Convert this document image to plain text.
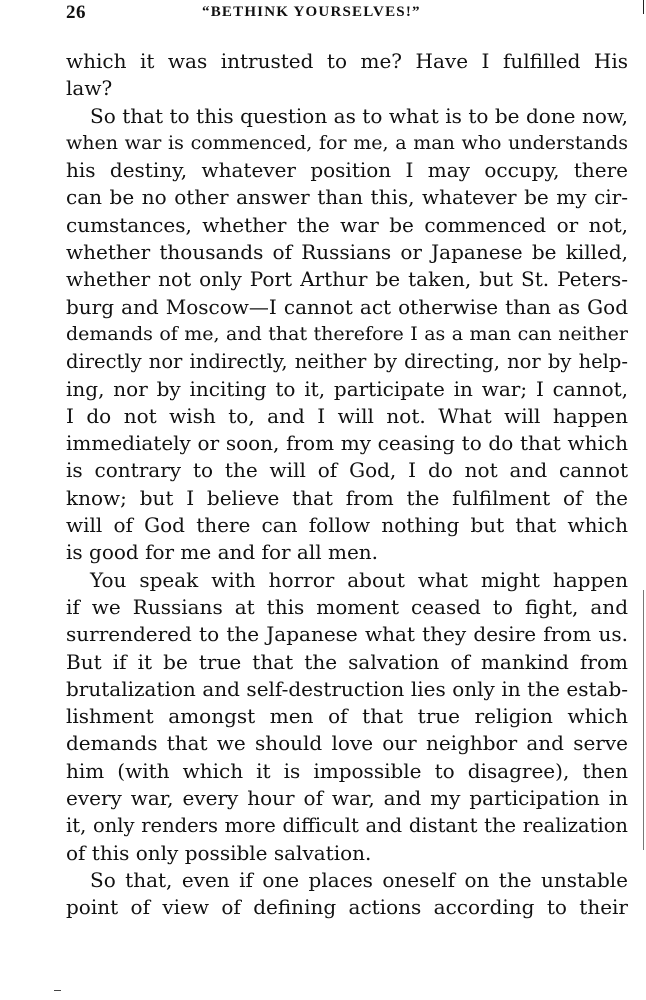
26	“BETHINK YOURSELVES!”
which it was intrusted to me? Have I fulfilled His
law?
So that to this question as to what is to be done now,
when war is commenced, for me, a man who understands
his destiny, whatever position I may occupy, there
can be no other answer than this, whatever be my cir-
cumstances, whether the war be commenced or not,
whether thousands of Russians or Japanese be killed,
whether not only Port Arthur be taken, but St. Peters-
burg and Moscow—I cannot act otherwise than as God
demands of me, and that therefore I as a man can neither
directly nor indirectly, neither by directing, nor by help-
ing, nor by inciting to it, participate in war; I cannot,
I do not wish to, and I will not. What will happen
immediately or soon, from my ceasing to do that which
is contrary to the will of God, I do not and cannot
know; but I believe that from the fulfilment of the
will of God there can follow nothing but that which
is good for me and for all men.
You speak with horror about what might happen
if we Russians at this moment ceased to fight, and
surrendered to the Japanese what they desire from us.
But if it be true that the salvation of mankind from
brutalization and self-destruction lies only in the estab-
lishment amongst men of that true religion which
demands that we should love our neighbor and serve
him (with which it is impossible to disagree), then
every war, every hour of war, and my participation in
it, only renders more difficult and distant the realization
of this only possible salvation.
So that, even if one places oneself on the unstable
point of view of defining actions according to their
